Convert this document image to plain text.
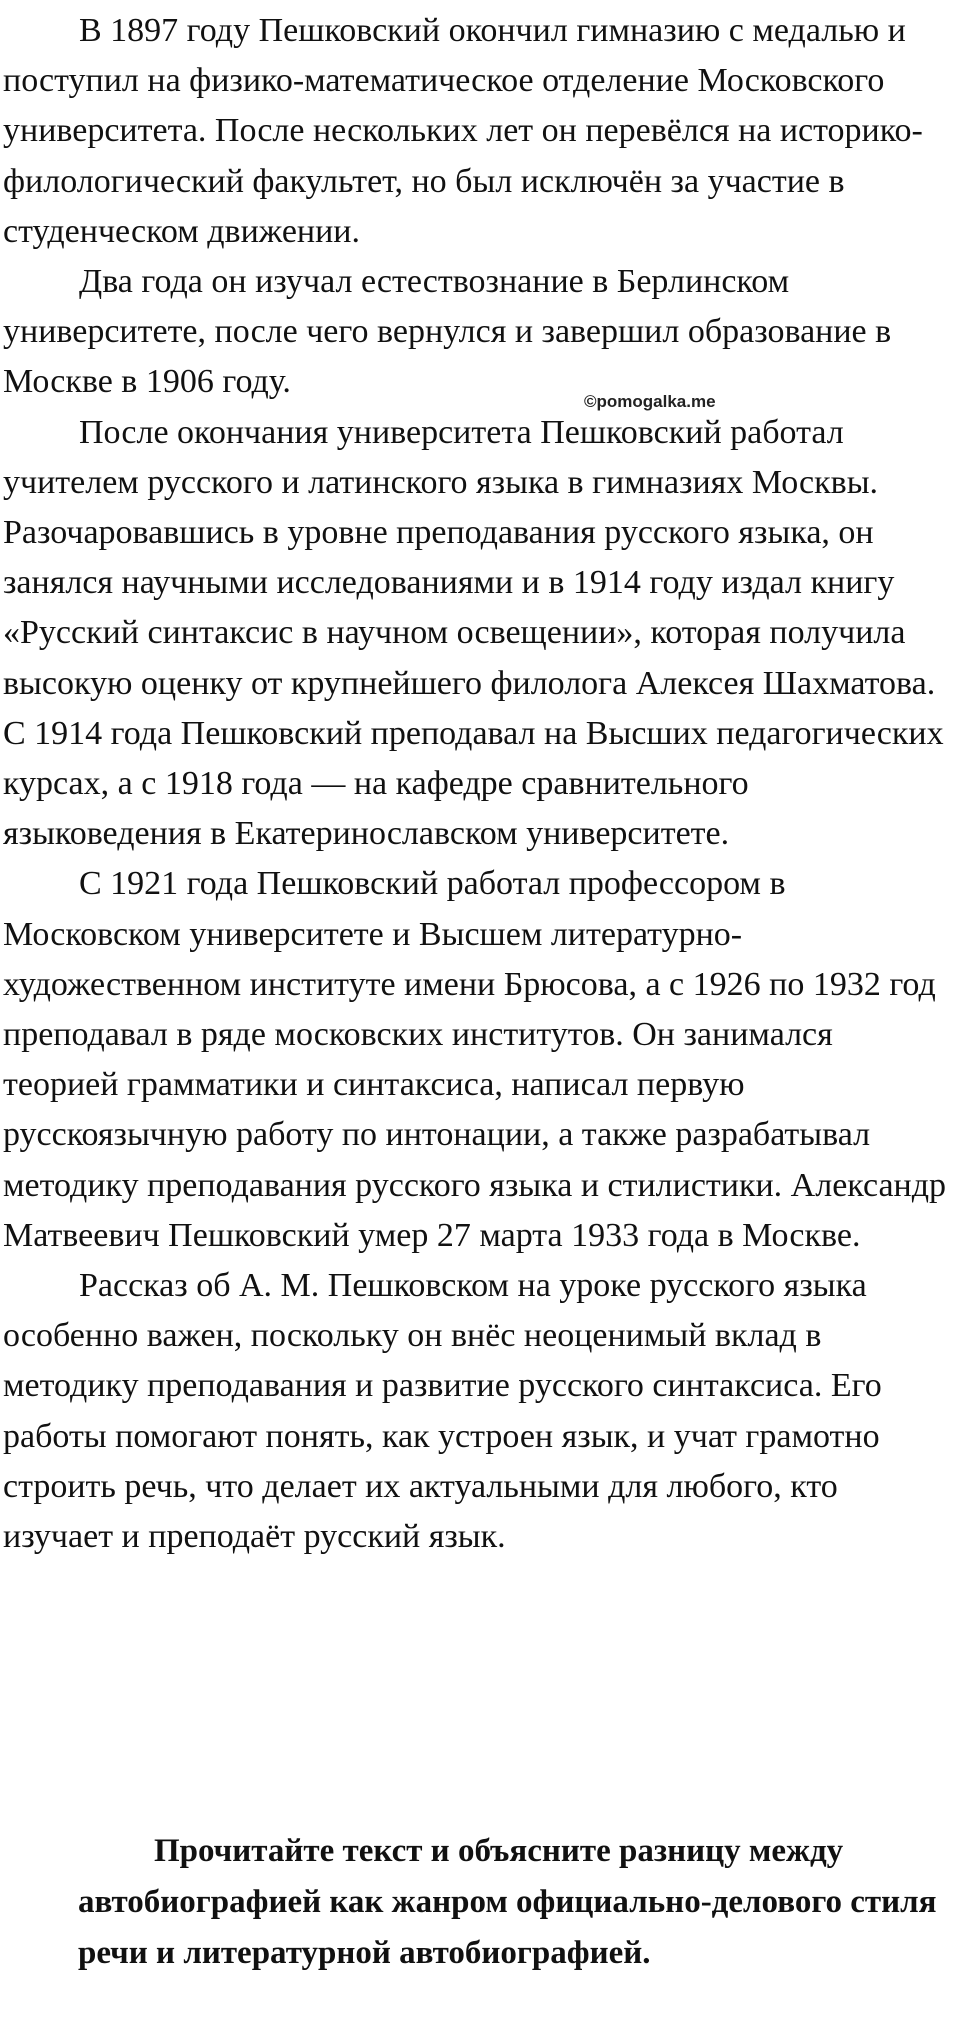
В 1897 году Пешковский окончил гимназию с медалью и поступил на физико-математическое отделение Московского университета. После нескольких лет он перевёлся на историко-филологический факультет, но был исключён за участие в студенческом движении.

Два года он изучал естествознание в Берлинском университете, после чего вернулся и завершил образование в Москве в 1906 году.

После окончания университета Пешковский работал учителем русского и латинского языка в гимназиях Москвы. Разочаровавшись в уровне преподавания русского языка, он занялся научными исследованиями и в 1914 году издал книгу «Русский синтаксис в научном освещении», которая получила высокую оценку от крупнейшего филолога Алексея Шахматова. С 1914 года Пешковский преподавал на Высших педагогических курсах, а с 1918 года — на кафедре сравнительного языковедения в Екатеринославском университете.

С 1921 года Пешковский работал профессором в Московском университете и Высшем литературно-художественном институте имени Брюсова, а с 1926 по 1932 год преподавал в ряде московских институтов. Он занимался теорией грамматики и синтаксиса, написал первую русскоязычную работу по интонации, а также разрабатывал методику преподавания русского языка и стилистики. Александр Матвеевич Пешковский умер 27 марта 1933 года в Москве.

Рассказ об А. М. Пешковском на уроке русского языка особенно важен, поскольку он внёс неоценимый вклад в методику преподавания и развитие русского синтаксиса. Его работы помогают понять, как устроен язык, и учат грамотно строить речь, что делает их актуальными для любого, кто изучает и преподаёт русский язык.

©pomogalka.me

Прочитайте текст и объясните разницу между автобиографией как жанром официально-делового стиля речи и литературной автобиографией.
